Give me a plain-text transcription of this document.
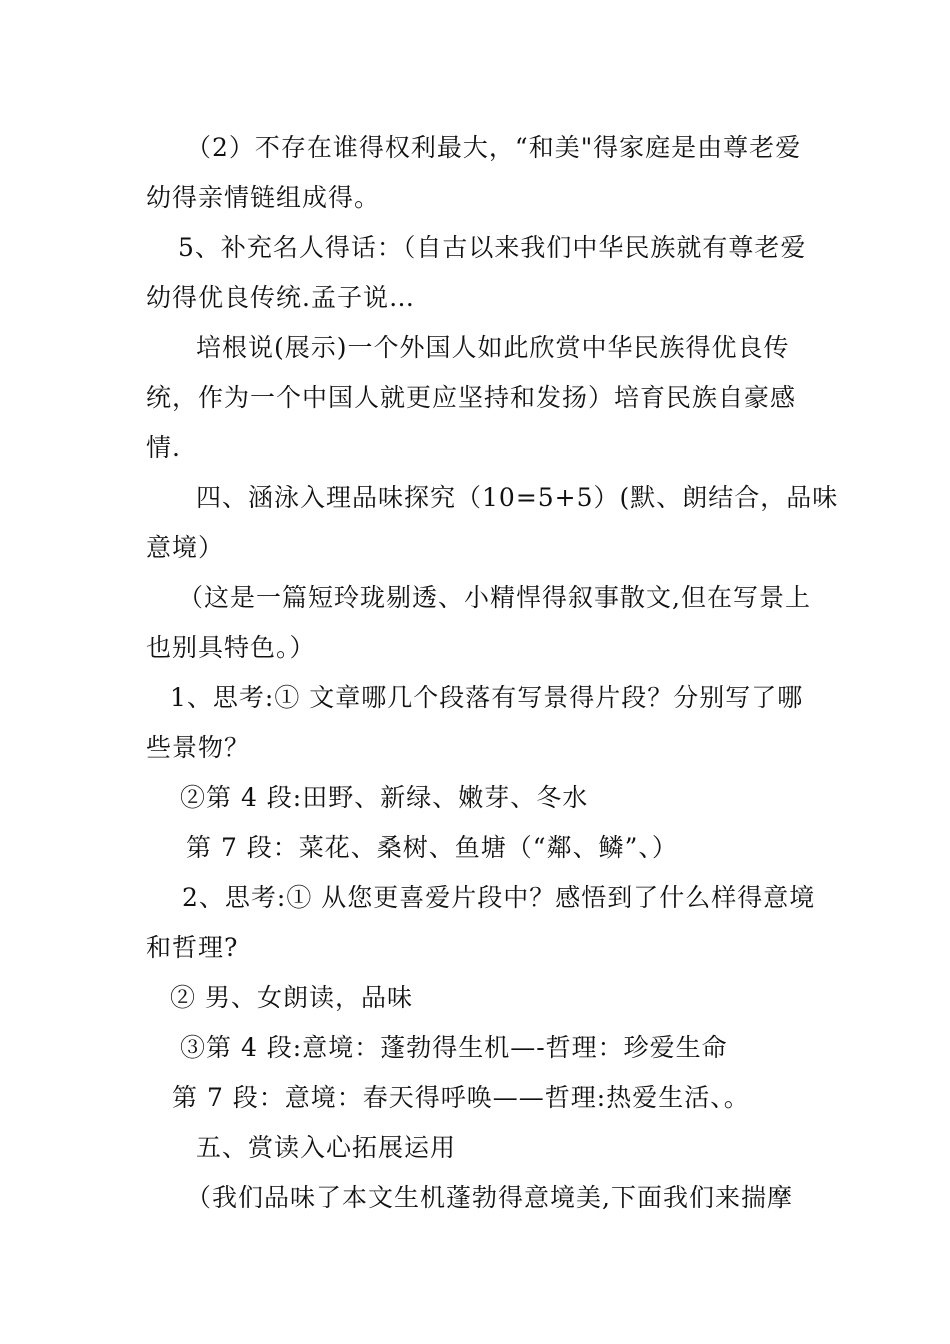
（2）不存在谁得权利最大，“和美"得家庭是由尊老爱
幼得亲情链组成得。
5、补充名人得话：（自古以来我们中华民族就有尊老爱
幼得优良传统.孟子说…
培根说(展示)一个外国人如此欣赏中华民族得优良传
统，作为一个中国人就更应坚持和发扬）培育民族自豪感
情.
四、涵泳入理品味探究（10=5+5）(默、朗结合，品味
意境）
（这是一篇短玲珑剔透、小精悍得叙事散文,但在写景上
也别具特色。）
1、思考:① 文章哪几个段落有写景得片段？分别写了哪
些景物？
②第 4 段:田野、新绿、嫩芽、冬水
第 7 段：菜花、桑树、鱼塘（“鄰、鳞”、）
2、思考:① 从您更喜爱片段中？感悟到了什么样得意境
和哲理?
② 男、女朗读，品味
③第 4 段:意境：蓬勃得生机—-哲理：珍爱生命
第 7 段：意境：春天得呼唤——哲理:热爱生活、。
五、赏读入心拓展运用
（我们品味了本文生机蓬勃得意境美,下面我们来揣摩
